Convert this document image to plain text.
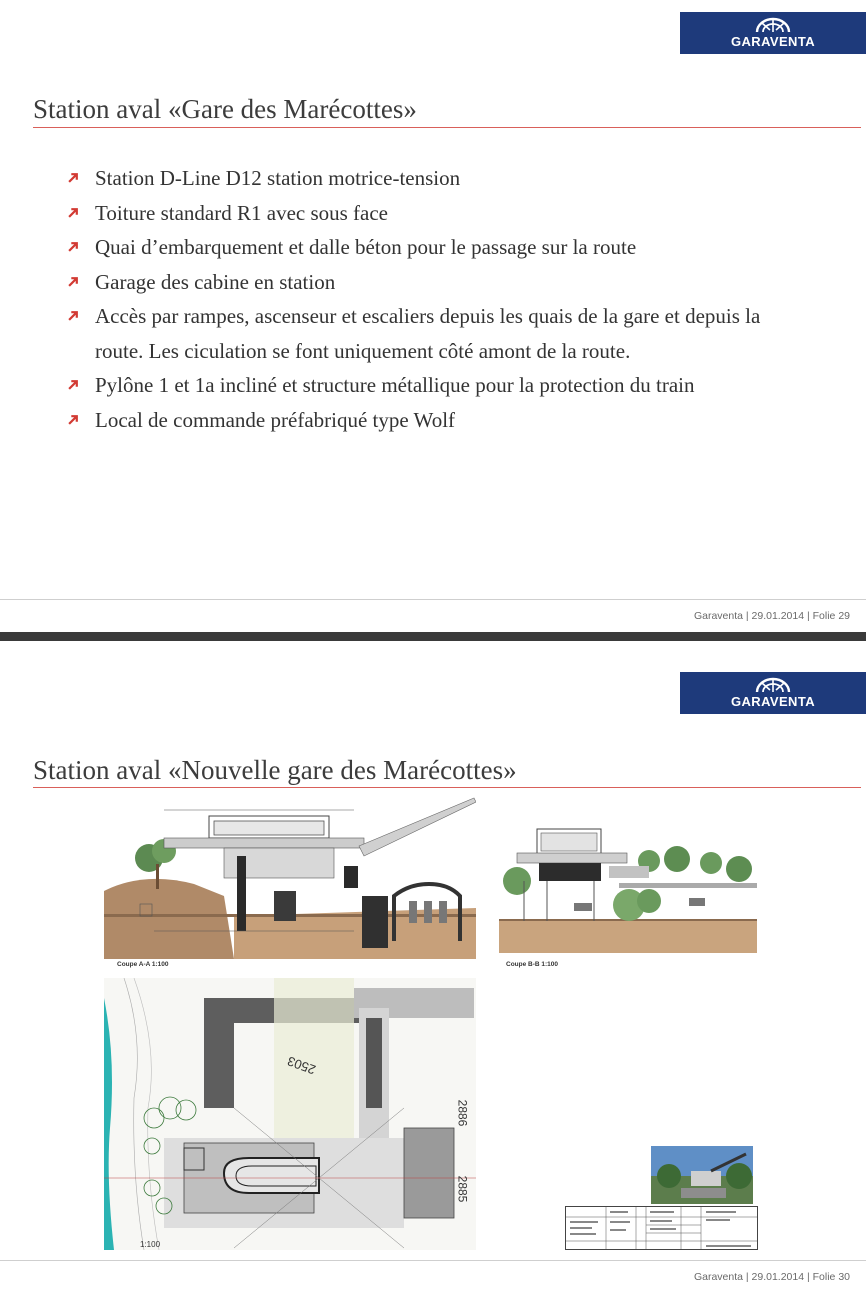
GARAVENTA
Station aval «Gare des Marécottes»
Station D-Line D12 station motrice-tension
Toiture standard R1 avec sous face
Quai d’embarquement et dalle béton pour le passage sur la route
Garage des cabine en station
Accès par rampes, ascenseur et escaliers depuis les quais de la gare et depuis la route. Les ciculation se font uniquement côté amont de la route.
Pylône 1 et 1a incliné et structure métallique pour la protection du train
Local de commande préfabriqué type Wolf
Garaventa | 29.01.2014 | Folie 29
GARAVENTA
Station aval «Nouvelle gare des Marécottes»
Coupe A-A 1:100	Coupe B-B 1:100
2503
2886
2885
1:100
Garaventa | 29.01.2014 | Folie 30
